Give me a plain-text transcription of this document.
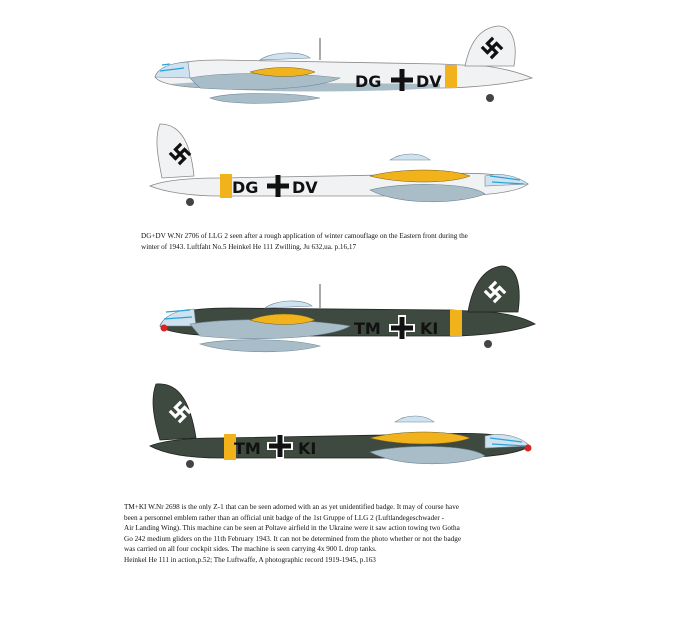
DG DV
DG DV
DG+DV W.Nr 2706 of LLG 2 seen after a rough application of winter camouflage on the Eastern front during the
winter of 1943. Luftfaht No.5 Heinkel He 111 Zwilling, Ju 632,ua. p.16,17
TM KI
TM KI
TM+KI W.Nr 2698 is the only Z-1 that can be seen adorned with an as yet unidentified badge. It may of course have
been a personnel emblem rather than an official unit badge of the 1st Gruppe of LLG 2 (Luftlandegeschwader -
Air Landing Wing). This machine can be seen at Poltave airfield in the Ukraine were it saw action towing two Gotha
Go 242 medium gliders on the 11th February 1943. It can not be determined from the photo whether or not the badge
was carried on all four cockpit sides. The machine is seen carrying 4x 900 L drop tanks.
Heinkel He 111 in action,p.52; The Luftwaffe, A photographic record 1919-1945, p.163
